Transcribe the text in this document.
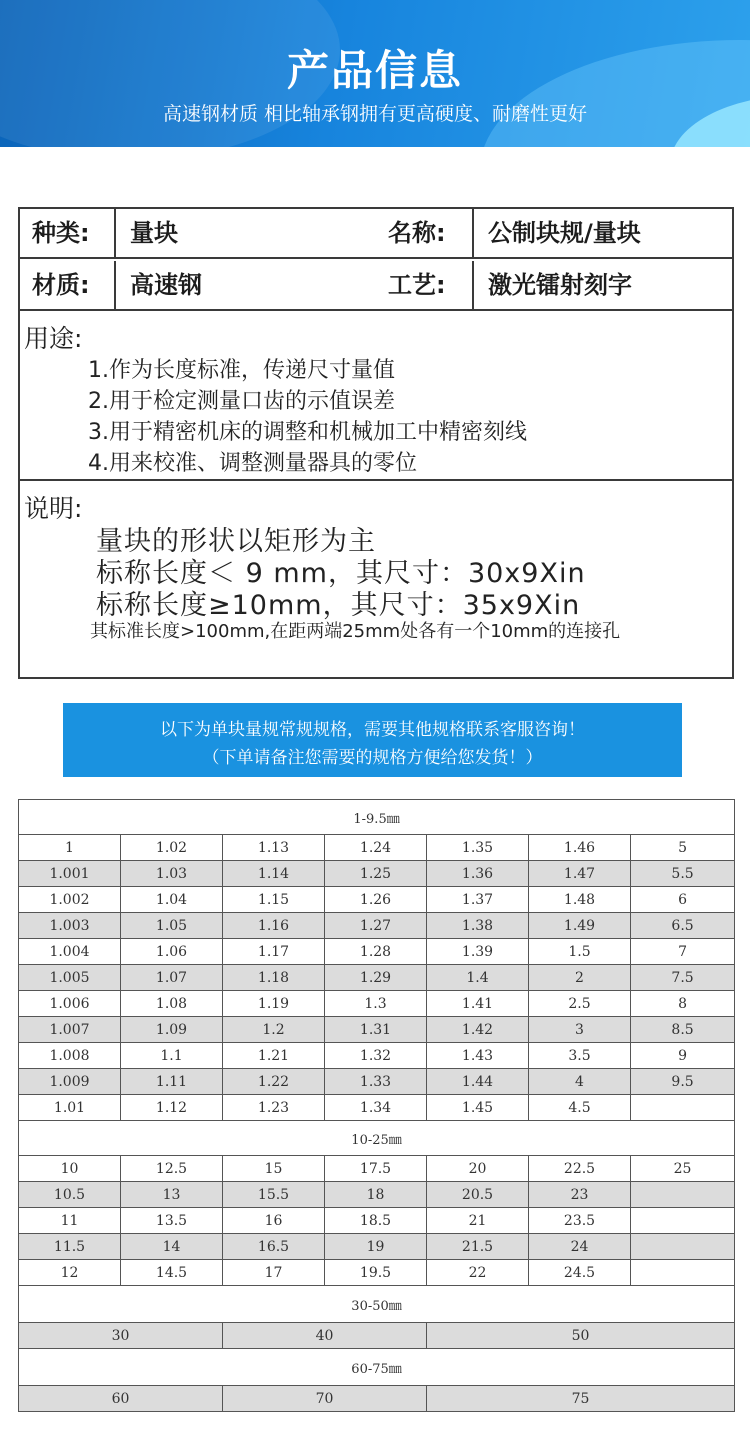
产品信息
高速钢材质 相比轴承钢拥有更高硬度、耐磨性更好
种类: 量块	名称: 公制块规/量块
材质: 高速钢	工艺: 激光镭射刻字
用途:
1.作为长度标准，传递尺寸量值
2.用于检定测量口齿的示值误差
3.用于精密机床的调整和机械加工中精密刻线
4.用来校准、调整测量器具的零位
说明:
量块的形状以矩形为主
标称长度＜ 9 mm，其尺寸：30x9Xin
标称长度≥10mm，其尺寸：35x9Xin
其标准长度>100mm,在距两端25mm处各有一个10mm的连接孔
以下为单块量规常规规格，需要其他规格联系客服咨询！
（下单请备注您需要的规格方便给您发货！）
1-9.5㎜						
1	1.02	1.13	1.24	1.35	1.46	5
1.001	1.03	1.14	1.25	1.36	1.47	5.5
1.002	1.04	1.15	1.26	1.37	1.48	6
1.003	1.05	1.16	1.27	1.38	1.49	6.5
1.004	1.06	1.17	1.28	1.39	1.5	7
1.005	1.07	1.18	1.29	1.4	2	7.5
1.006	1.08	1.19	1.3	1.41	2.5	8
1.007	1.09	1.2	1.31	1.42	3	8.5
1.008	1.1	1.21	1.32	1.43	3.5	9
1.009	1.11	1.22	1.33	1.44	4	9.5
1.01	1.12	1.23	1.34	1.45	4.5	
10-25㎜						
10	12.5	15	17.5	20	22.5	25
10.5	13	15.5	18	20.5	23	
11	13.5	16	18.5	21	23.5	
11.5	14	16.5	19	21.5	24	
12	14.5	17	19.5	22	24.5	
30-50㎜						
30		40		50		
60-75㎜						
60		70		75		
